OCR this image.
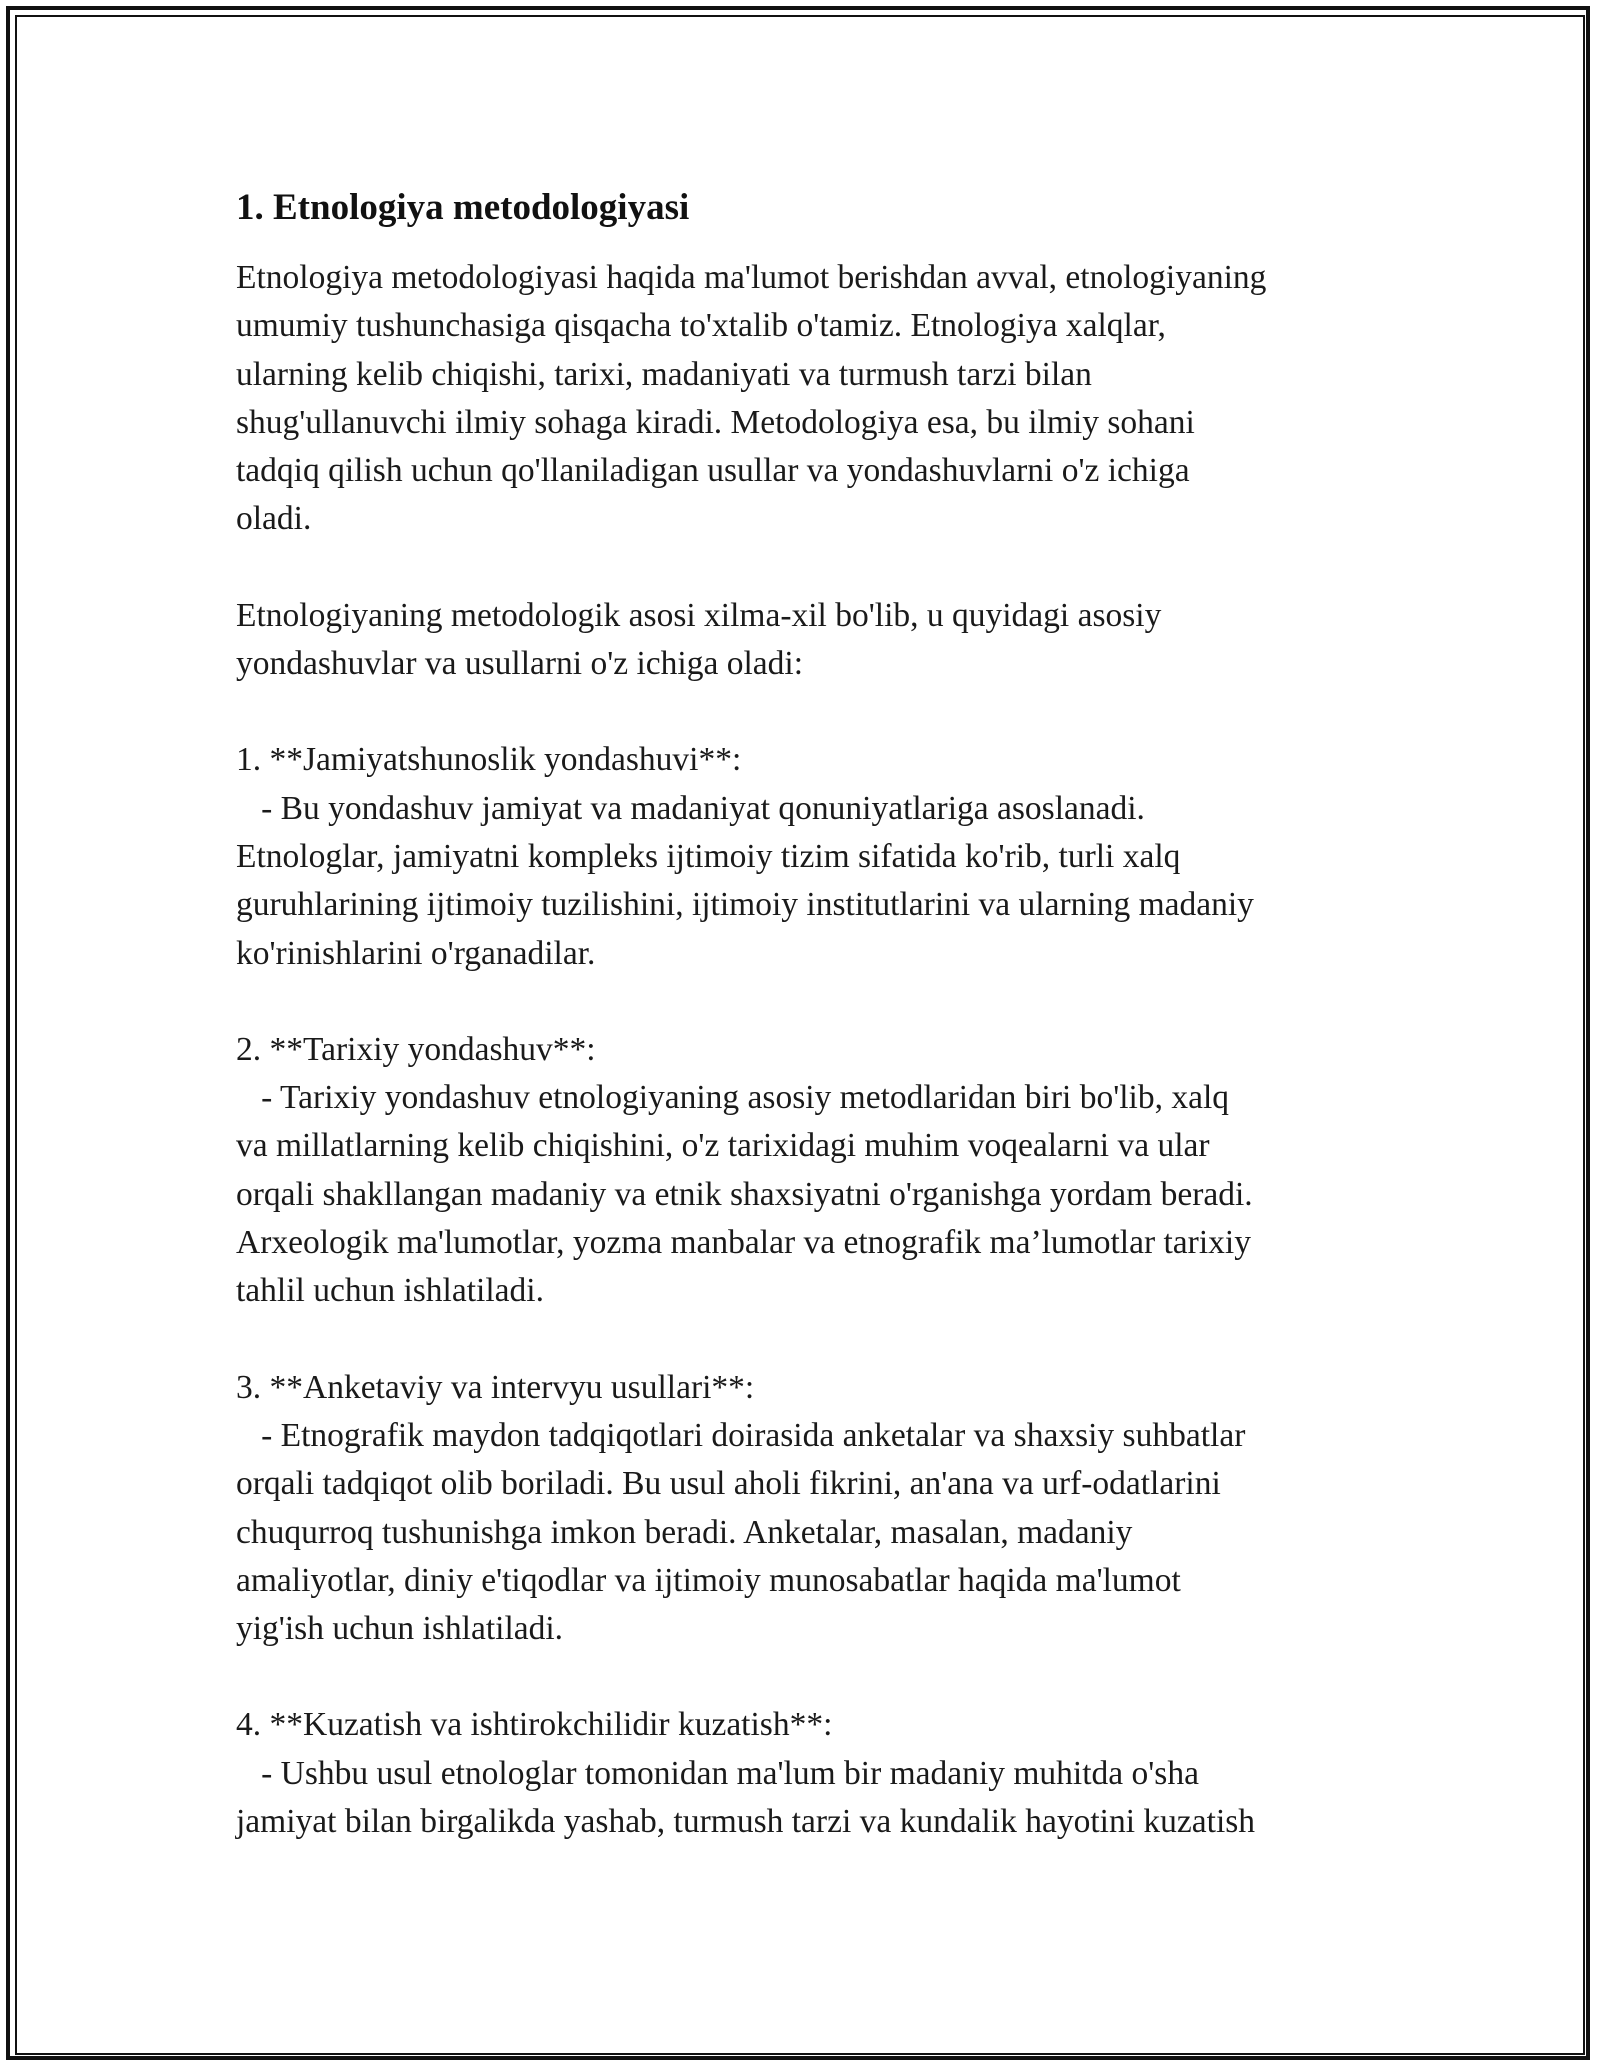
1. Etnologiya metodologiyasi

Etnologiya metodologiyasi haqida ma'lumot berishdan avval, etnologiyaning
umumiy tushunchasiga qisqacha to'xtalib o'tamiz. Etnologiya xalqlar,
ularning kelib chiqishi, tarixi, madaniyati va turmush tarzi bilan
shug'ullanuvchi ilmiy sohaga kiradi. Metodologiya esa, bu ilmiy sohani
tadqiq qilish uchun qo'llaniladigan usullar va yondashuvlarni o'z ichiga
oladi.

Etnologiyaning metodologik asosi xilma-xil bo'lib, u quyidagi asosiy
yondashuvlar va usullarni o'z ichiga oladi:

1. **Jamiyatshunoslik yondashuvi**:

- Bu yondashuv jamiyat va madaniyat qonuniyatlariga asoslanadi.
Etnologlar, jamiyatni kompleks ijtimoiy tizim sifatida ko'rib, turli xalq
guruhlarining ijtimoiy tuzilishini, ijtimoiy institutlarini va ularning madaniy
ko'rinishlarini o'rganadilar.

2. **Tarixiy yondashuv**:

- Tarixiy yondashuv etnologiyaning asosiy metodlaridan biri bo'lib, xalq
va millatlarning kelib chiqishini, o'z tarixidagi muhim voqealarni va ular
orqali shakllangan madaniy va etnik shaxsiyatni o'rganishga yordam beradi.
Arxeologik ma'lumotlar, yozma manbalar va etnografik ma’lumotlar tarixiy
tahlil uchun ishlatiladi.

3. **Anketaviy va intervyu usullari**:

- Etnografik maydon tadqiqotlari doirasida anketalar va shaxsiy suhbatlar
orqali tadqiqot olib boriladi. Bu usul aholi fikrini, an'ana va urf-odatlarini
chuqurroq tushunishga imkon beradi. Anketalar, masalan, madaniy
amaliyotlar, diniy e'tiqodlar va ijtimoiy munosabatlar haqida ma'lumot
yig'ish uchun ishlatiladi.

4. **Kuzatish va ishtirokchilidir kuzatish**:

- Ushbu usul etnologlar tomonidan ma'lum bir madaniy muhitda o'sha
jamiyat bilan birgalikda yashab, turmush tarzi va kundalik hayotini kuzatish
